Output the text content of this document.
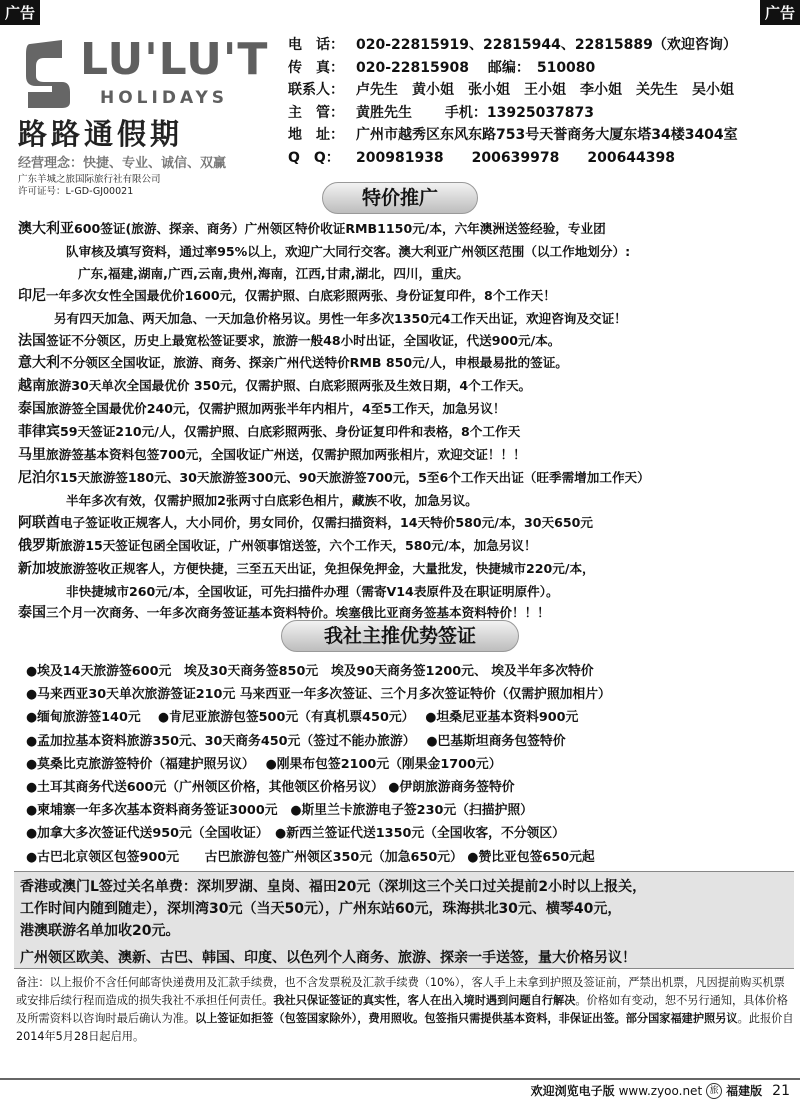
广告	广告
LU'LU'T
HOLIDAYS
路路通假期
经营理念：快捷、专业、诚信、双赢
广东羊城之旅国际旅行社有限公司
许可证号：L-GD-GJ00021
电　话： 020-22815919、22815944、22815889（欢迎咨询）
传　真： 020-22815908　 邮编：　510080
联系人： 卢先生　黄小姐　张小姐　王小姐　李小姐　关先生　吴小姐
主　管： 黄胜先生　　 手机：13925037873
地　址： 广州市越秀区东风东路753号天誉商务大厦东塔34楼3404室
Q　Q：	200981938　　200639978　　200644398
特价推广

澳大利亚600签证(旅游、探亲、商务）广州领区特价收证RMB1150元/本，六年澳洲送签经验，专业团

队审核及填写资料，通过率95%以上，欢迎广大同行交客。澳大利亚广州领区范围（以工作地划分）:

广东,福建,湖南,广西,云南,贵州,海南，江西,甘肃,湖北，四川，重庆。

印尼一年多次女性全国最优价1600元，仅需护照、白底彩照两张、身份证复印件，8个工作天！

另有四天加急、两天加急、一天加急价格另议。男性一年多次1350元4工作天出证，欢迎咨询及交证！

法国签证不分领区，历史上最宽松签证要求，旅游一般48小时出证，全国收证，代送900元/本。

意大利不分领区全国收证，旅游、商务、探亲广州代送特价RMB 850元/人，申根最易批的签证。

越南旅游30天单次全国最优价 350元，仅需护照、白底彩照两张及生效日期，4个工作天。

泰国旅游签全国最优价240元，仅需护照加两张半年内相片，4至5工作天，加急另议！

菲律宾59天签证210元/人，仅需护照、白底彩照两张、身份证复印件和表格，8个工作天

马里旅游签基本资料包签700元，全国收证广州送，仅需护照加两张相片，欢迎交证！！！

尼泊尔15天旅游签180元、30天旅游签300元、90天旅游签700元，5至6个工作天出证（旺季需增加工作天）

半年多次有效，仅需护照加2张两寸白底彩色相片，藏族不收，加急另议。

阿联酋电子签证收正规客人，大小同价，男女同价，仅需扫描资料，14天特价580元/本，30天650元

俄罗斯旅游15天签证包函全国收证，广州领事馆送签，六个工作天，580元/本，加急另议！

新加坡旅游签收正规客人，方便快捷，三至五天出证，免担保免押金，大量批发，快捷城市220元/本，

非快捷城市260元/本，全国收证，可先扫描件办理（需寄V14表原件及在职证明原件）。

泰国三个月一次商务、一年多次商务签证基本资料特价。埃塞俄比亚商务签基本资料特价！！！

我社主推优势签证

●埃及14天旅游签600元　埃及30天商务签850元　埃及90天商务签1200元、 埃及半年多次特价

●马来西亚30天单次旅游签证210元 马来西亚一年多次签证、三个月多次签证特价（仅需护照加相片）

●缅甸旅游签140元　 ●肯尼亚旅游包签500元（有真机票450元）　 ●坦桑尼亚基本资料900元

●孟加拉基本资料旅游350元、30天商务450元（签过不能办旅游）　 ●巴基斯坦商务包签特价

●莫桑比克旅游签特价（福建护照另议）　 ●刚果布包签2100元（刚果金1700元）

●土耳其商务代送600元（广州领区价格，其他领区价格另议） ●伊朗旅游商务签特价

●柬埔寨一年多次基本资料商务签证3000元　●斯里兰卡旅游电子签230元（扫描护照）

●加拿大多次签证代送950元（全国收证）　●新西兰签证代送1350元（全国收客，不分领区）

●古巴北京领区包签900元　　古巴旅游包签广州领区350元（加急650元） ●赞比亚包签650元起

香港或澳门L签过关名单费：深圳罗湖、皇岗、福田20元（深圳这三个关口过关提前2小时以上报关，

工作时间内随到随走），深圳湾30元（当天50元），广州东站60元，珠海拱北30元、横琴40元，

港澳联游名单加收20元。

广州领区欧美、澳新、古巴、韩国、印度、以色列个人商务、旅游、探亲一手送签，量大价格另议！

备注：以上报价不含任何邮寄快递费用及汇款手续费，也不含发票税及汇款手续费（10%），客人手上未拿到护照及签证前，严禁出机票，凡因提前购买机票或安排后续行程而造成的损失我社不承担任何责任。我社只保证签证的真实性，客人在出入境时遇到问题自行解决。价格如有变动，恕不另行通知，具体价格及所需资料以咨询时最后确认为准。以上签证如拒签（包签国家除外），费用照收。包签指只需提供基本资料，非保证出签。部分国家福建护照另议。此报价自2014年5月28日起启用。
欢迎浏览电子版 www.zyoo.net 旅 福建版 21
